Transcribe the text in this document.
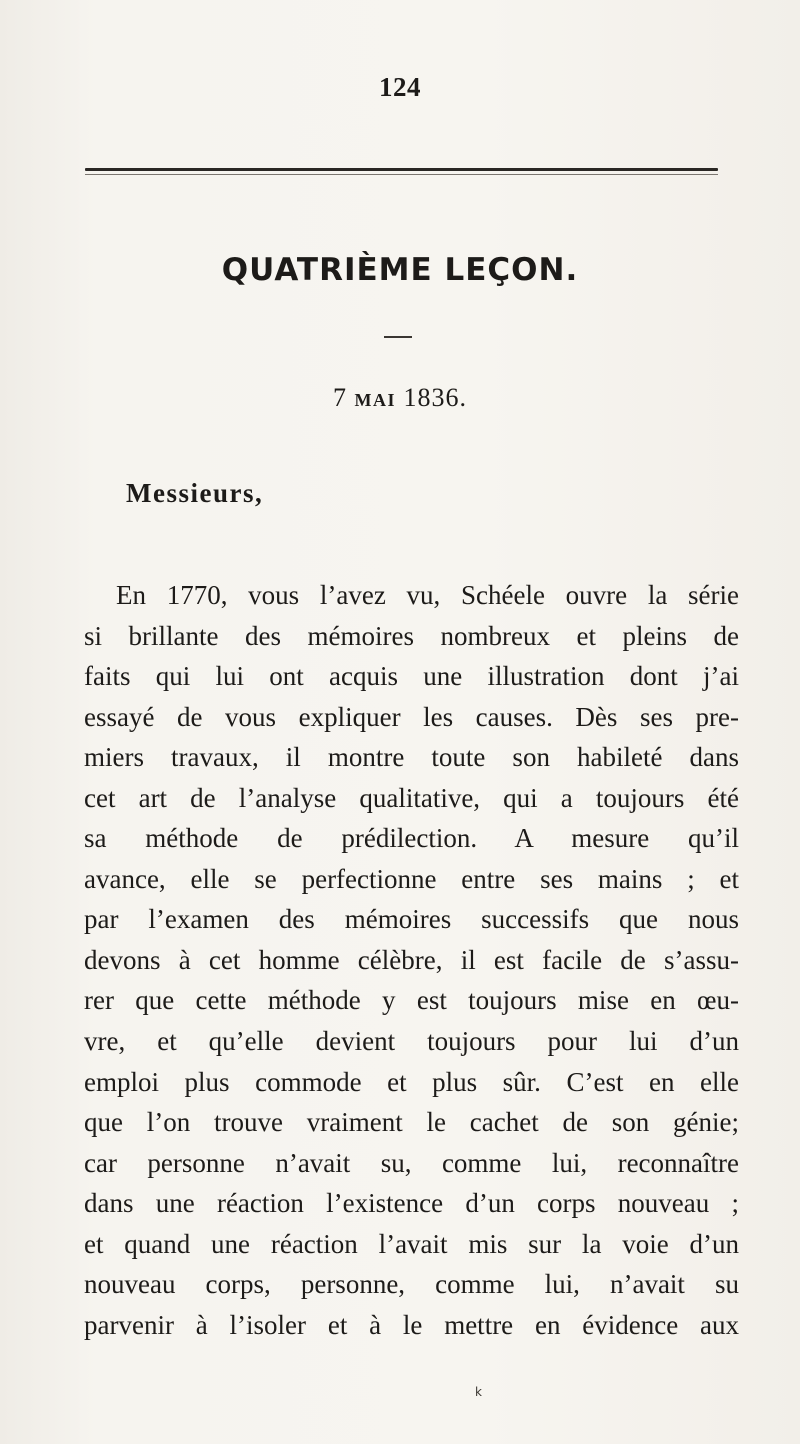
124
QUATRIÈME LEÇON.
7 MAI 1836.
Messieurs,
En 1770, vous l’avez vu, Schéele ouvre la série
si brillante des mémoires nombreux et pleins de
faits qui lui ont acquis une illustration dont j’ai
essayé de vous expliquer les causes. Dès ses pre-
miers travaux, il montre toute son habileté dans
cet art de l’analyse qualitative, qui a toujours été
sa méthode de prédilection. A mesure qu’il
avance, elle se perfectionne entre ses mains ; et
par l’examen des mémoires successifs que nous
devons à cet homme célèbre, il est facile de s’assu-
rer que cette méthode y est toujours mise en œu-
vre, et qu’elle devient toujours pour lui d’un
emploi plus commode et plus sûr. C’est en elle
que l’on trouve vraiment le cachet de son génie;
car personne n’avait su, comme lui, reconnaître
dans une réaction l’existence d’un corps nouveau ;
et quand une réaction l’avait mis sur la voie d’un
nouveau corps, personne, comme lui, n’avait su
parvenir à l’isoler et à le mettre en évidence aux
k
